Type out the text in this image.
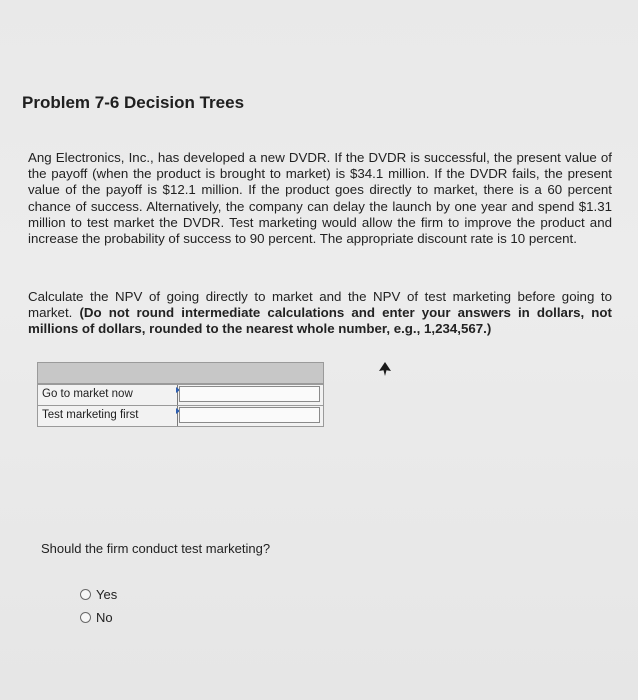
Problem 7-6 Decision Trees
Ang Electronics, Inc., has developed a new DVDR. If the DVDR is successful, the present value of the payoff (when the product is brought to market) is $34.1 million. If the DVDR fails, the present value of the payoff is $12.1 million. If the product goes directly to market, there is a 60 percent chance of success. Alternatively, the company can delay the launch by one year and spend $1.31 million to test market the DVDR. Test marketing would allow the firm to improve the product and increase the probability of success to 90 percent. The appropriate discount rate is 10 percent.
Calculate the NPV of going directly to market and the NPV of test marketing before going to market. (Do not round intermediate calculations and enter your answers in dollars, not millions of dollars, rounded to the nearest whole number, e.g., 1,234,567.)
Go to market now
Test marketing first
Should the firm conduct test marketing?
Yes
No
